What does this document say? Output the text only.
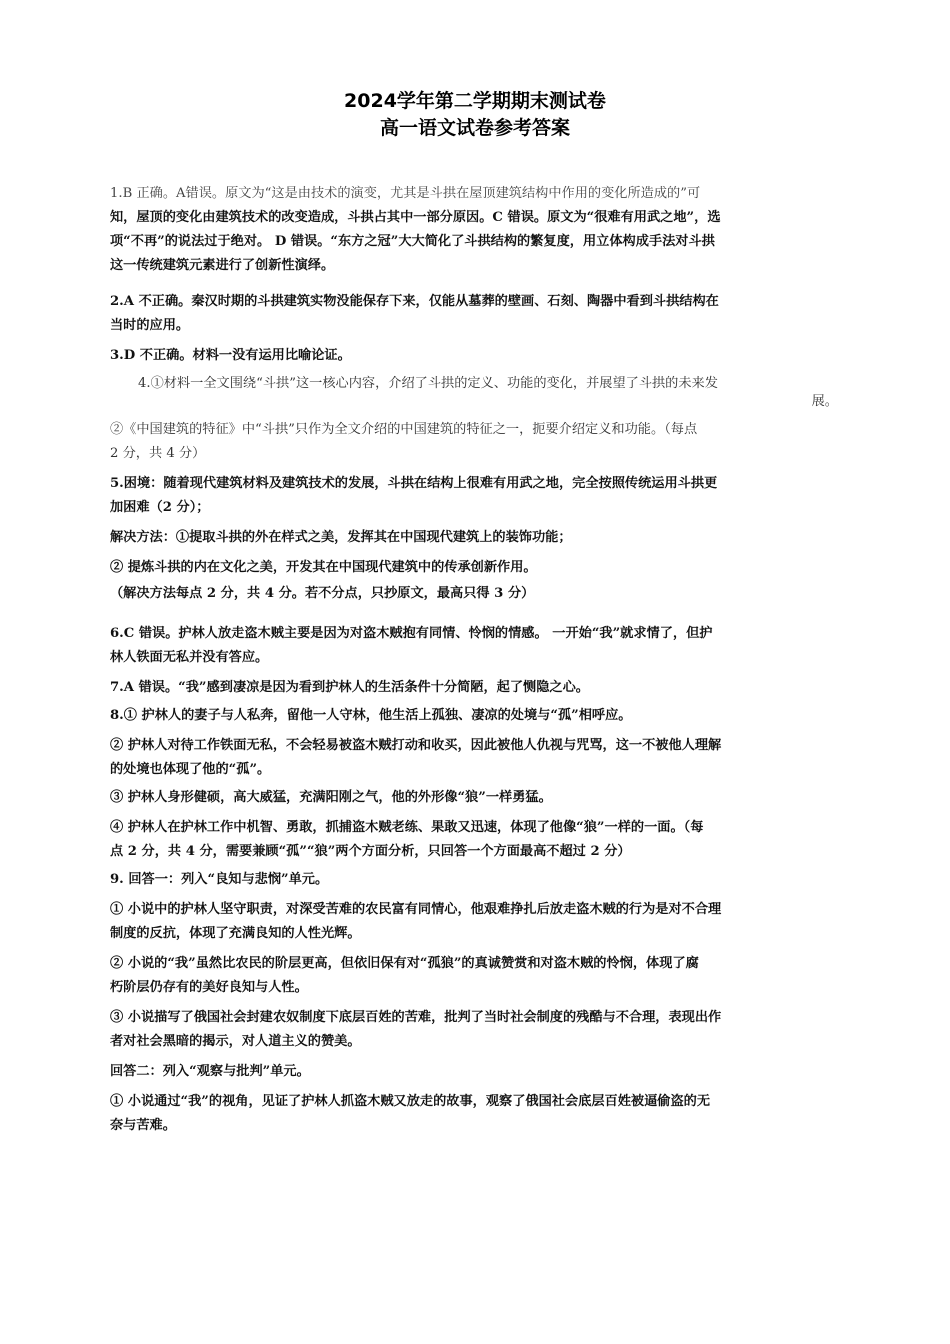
2024学年第二学期期末测试卷
高一语文试卷参考答案
1.B 正确。A错误。原文为“这是由技术的演变，尤其是斗拱在屋顶建筑结构中作用的变化所造成的”可
知，屋顶的变化由建筑技术的改变造成，斗拱占其中一部分原因。C 错误。原文为“很难有用武之地”，选
项“不再”的说法过于绝对。 D 错误。“东方之冠”大大简化了斗拱结构的繁复度，用立体构成手法对斗拱
这一传统建筑元素进行了创新性演绎。
2.A 不正确。秦汉时期的斗拱建筑实物没能保存下来，仅能从墓葬的壁画、石刻、陶器中看到斗拱结构在
当时的应用。
3.D 不正确。材料一没有运用比喻论证。
4.①材料一全文围绕“斗拱”这一核心内容，介绍了斗拱的定义、功能的变化，并展望了斗拱的未来发
展。
②《中国建筑的特征》中“斗拱”只作为全文介绍的中国建筑的特征之一，扼要介绍定义和功能。（每点
2 分，共 4 分）
5.困境：随着现代建筑材料及建筑技术的发展，斗拱在结构上很难有用武之地，完全按照传统运用斗拱更
加困难（2 分）；
解决方法：①提取斗拱的外在样式之美，发挥其在中国现代建筑上的装饰功能；
② 提炼斗拱的内在文化之美，开发其在中国现代建筑中的传承创新作用。
（解决方法每点 2 分，共 4 分。若不分点，只抄原文，最高只得 3 分）
6.C 错误。护林人放走盗木贼主要是因为对盗木贼抱有同情、怜悯的情感。 一开始“我”就求情了，但护
林人铁面无私并没有答应。
7.A 错误。“我”感到凄凉是因为看到护林人的生活条件十分简陋，起了恻隐之心。
8.① 护林人的妻子与人私奔，留他一人守林，他生活上孤独、凄凉的处境与“孤”相呼应。
② 护林人对待工作铁面无私，不会轻易被盗木贼打动和收买，因此被他人仇视与咒骂，这一不被他人理解
的处境也体现了他的“孤”。
③ 护林人身形健硕，高大威猛，充满阳刚之气，他的外形像“狼”一样勇猛。
④ 护林人在护林工作中机智、勇敢，抓捕盗木贼老练、果敢又迅速，体现了他像“狼”一样的一面。（每
点 2 分，共 4 分，需要兼顾“孤”“狼”两个方面分析，只回答一个方面最高不超过 2 分）
9. 回答一：列入“良知与悲悯”单元。
① 小说中的护林人坚守职责，对深受苦难的农民富有同情心，他艰难挣扎后放走盗木贼的行为是对不合理
制度的反抗，体现了充满良知的人性光辉。
② 小说的“我”虽然比农民的阶层更高，但依旧保有对“孤狼”的真诚赞赏和对盗木贼的怜悯，体现了腐
朽阶层仍存有的美好良知与人性。
③ 小说描写了俄国社会封建农奴制度下底层百姓的苦难，批判了当时社会制度的残酷与不合理，表现出作
者对社会黑暗的揭示，对人道主义的赞美。
回答二：列入“观察与批判”单元。
① 小说通过“我”的视角，见证了护林人抓盗木贼又放走的故事，观察了俄国社会底层百姓被逼偷盗的无
奈与苦难。
